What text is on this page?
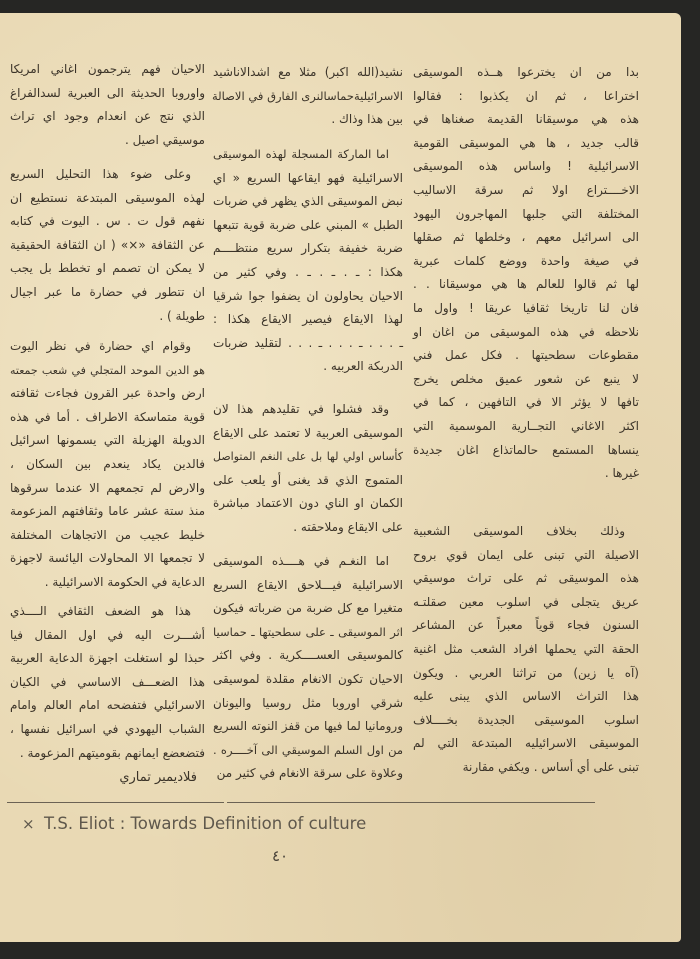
بدا من ان يخترعوا هــذه الموسيقى
اختراعا ، ثم ان يكذبوا : فقالوا
هذه هي موسيقانا القديمة صغناها في
قالب جديد ، ها هي الموسيقى القومية
الاسرائيلية ! واساس هذه الموسيقى
الاخــــتراع اولا ثم سرقة الاساليب
المختلفة التي جلبها المهاجرون اليهود
الى اسرائيل معهم ، وخلطها ثم صقلها
في صيغة واحدة ووضع كلمات عبرية
لها ثم قالوا للعالم ها هي موسيقانا . .
فان لنا تاريخا ثقافيا عريقا ! واول ما
نلاحظه في هذه الموسيقى من اغان او
مقطوعات سطحيتها . فكل عمل فني
لا ينبع عن شعور عميق مخلص يخرج
تافها لا يؤثر الا في التافهين ، كما في
اكثر الاغاني التجــارية الموسمية التي
ينساها المستمع حالماتذاع اغان جديدة
غيرها .
وذلك بخلاف الموسيقى الشعبية
الاصيلة التي تبنى على ايمان قوي بروح
هذه الموسيقى ثم على تراث موسيقي
عريق يتجلى في اسلوب معين صقلتـه
السنون فجاء قوياً معبراً عن المشاعر
الحقة التي يحملها افراد الشعب مثل اغنية
(آه يا زين) من تراثنا العربي . ويكون
هذا التراث الاساس الذي يبنى عليه
اسلوب الموسيقى الجديدة بخــــلاف
الموسيقى الاسرائيليه المبتدعة التي لم
تبنى على أي أساس . ويكفي مقارنة
نشيد(الله اكبر) مثلا مع اشدالاناشيد
الاسرائيليةحماسالنرى الفارق في الاصالة
بين هذا وذاك .
اما الماركة المسجلة لهذه الموسيقى
الاسرائيلية فهو ايقاعها السريع « اي
نبض الموسيقى الذي يظهر في ضربات
الطبل » المبني على ضربة قوية تتبعها
ضربة خفيفة بتكرار سريع منتظــــم
هكذا : ـ . ـ . ـ . وفي كثير من
الاحيان يحاولون ان يضفوا جوا شرقيا
لهذا الايقاع فيصير الايقاع هكذا :
ـ . . . ـ . . . ـ . . . لتقليد ضربات
الدربكة العربيه .
وقد فشلوا في تقليدهم هذا لان
الموسيقى العربية لا تعتمد على الايقاع
كأساس اولي لها بل على النغم المتواصل
المتموج الذي قد يغنى أو يلعب على
الكمان او الناي دون الاعتماد مباشرة
على الايقاع وملاحقته .
اما النغـم في هــــذه الموسيقى
الاسرائيلية فيـــلاحق الايقاع السريع
متغيرا مع كل ضربة من ضرباته فيكون
اثر الموسيقى ـ على سطحيتها ـ حماسيا
كالموسيقى العســــكرية . وفي اكثر
الاحيان تكون الانغام مقلدة لموسيقى
شرقي اوروبا مثل روسيا واليونان
ورومانيا لما فيها من قفز النوته السريع
من اول السلم الموسيقي الى آخــــره .
وعلاوة على سرقة الانغام في كثير من
فلاديمير تماري
الاحيان فهم يترجمون اغاني امريكا
واوروبا الحديثة الى العبرية لسدالفراغ
الذي نتج عن انعدام وجود اي تراث
موسيقي اصيل .
وعلى ضوء هذا التحليل السريع
لهذه الموسيقى المبتدعة نستطيع ان
نفهم قول ت . س . اليوت في كتابه
عن الثقافة «×» ( ان الثقافة الحقيقية
لا يمكن ان تصمم او تخطط بل يجب
ان تتطور في حضارة ما عبر اجيال
طويلة ) .
وقوام اي حضارة في نظر اليوت
هو الدين الموحد المتجلي في شعب جمعته
ارض واحدة عبر القرون فجاءت ثقافته
قوية متماسكة الاطراف . أما في هذه
الدويلة الهزيلة التي يسمونها اسرائيل
فالدين يكاد ينعدم بين السكان ،
والارض لم تجمعهم الا عندما سرقوها
منذ ستة عشر عاما وثقافتهم المزعومة
خليط عجيب من الاتجاهات المختلفة
لا تجمعها الا المحاولات اليائسة لاجهزة
الدعاية في الحكومة الاسرائيلية .
هذا هو الضعف الثقافي الــــذي
أشـــرت اليه في اول المقال فيا
حبذا لو استغلت اجهزة الدعاية العربية
هذا الضعـــف الاساسي في الكيان
الاسرائيلي فتفضحه امام العالم وامام
الشباب اليهودي في اسرائيل نفسها ،
فتضعضع ايمانهم بقوميتهم المزعومة .
× T.S. Eliot : Towards Definition of culture
٤٠
